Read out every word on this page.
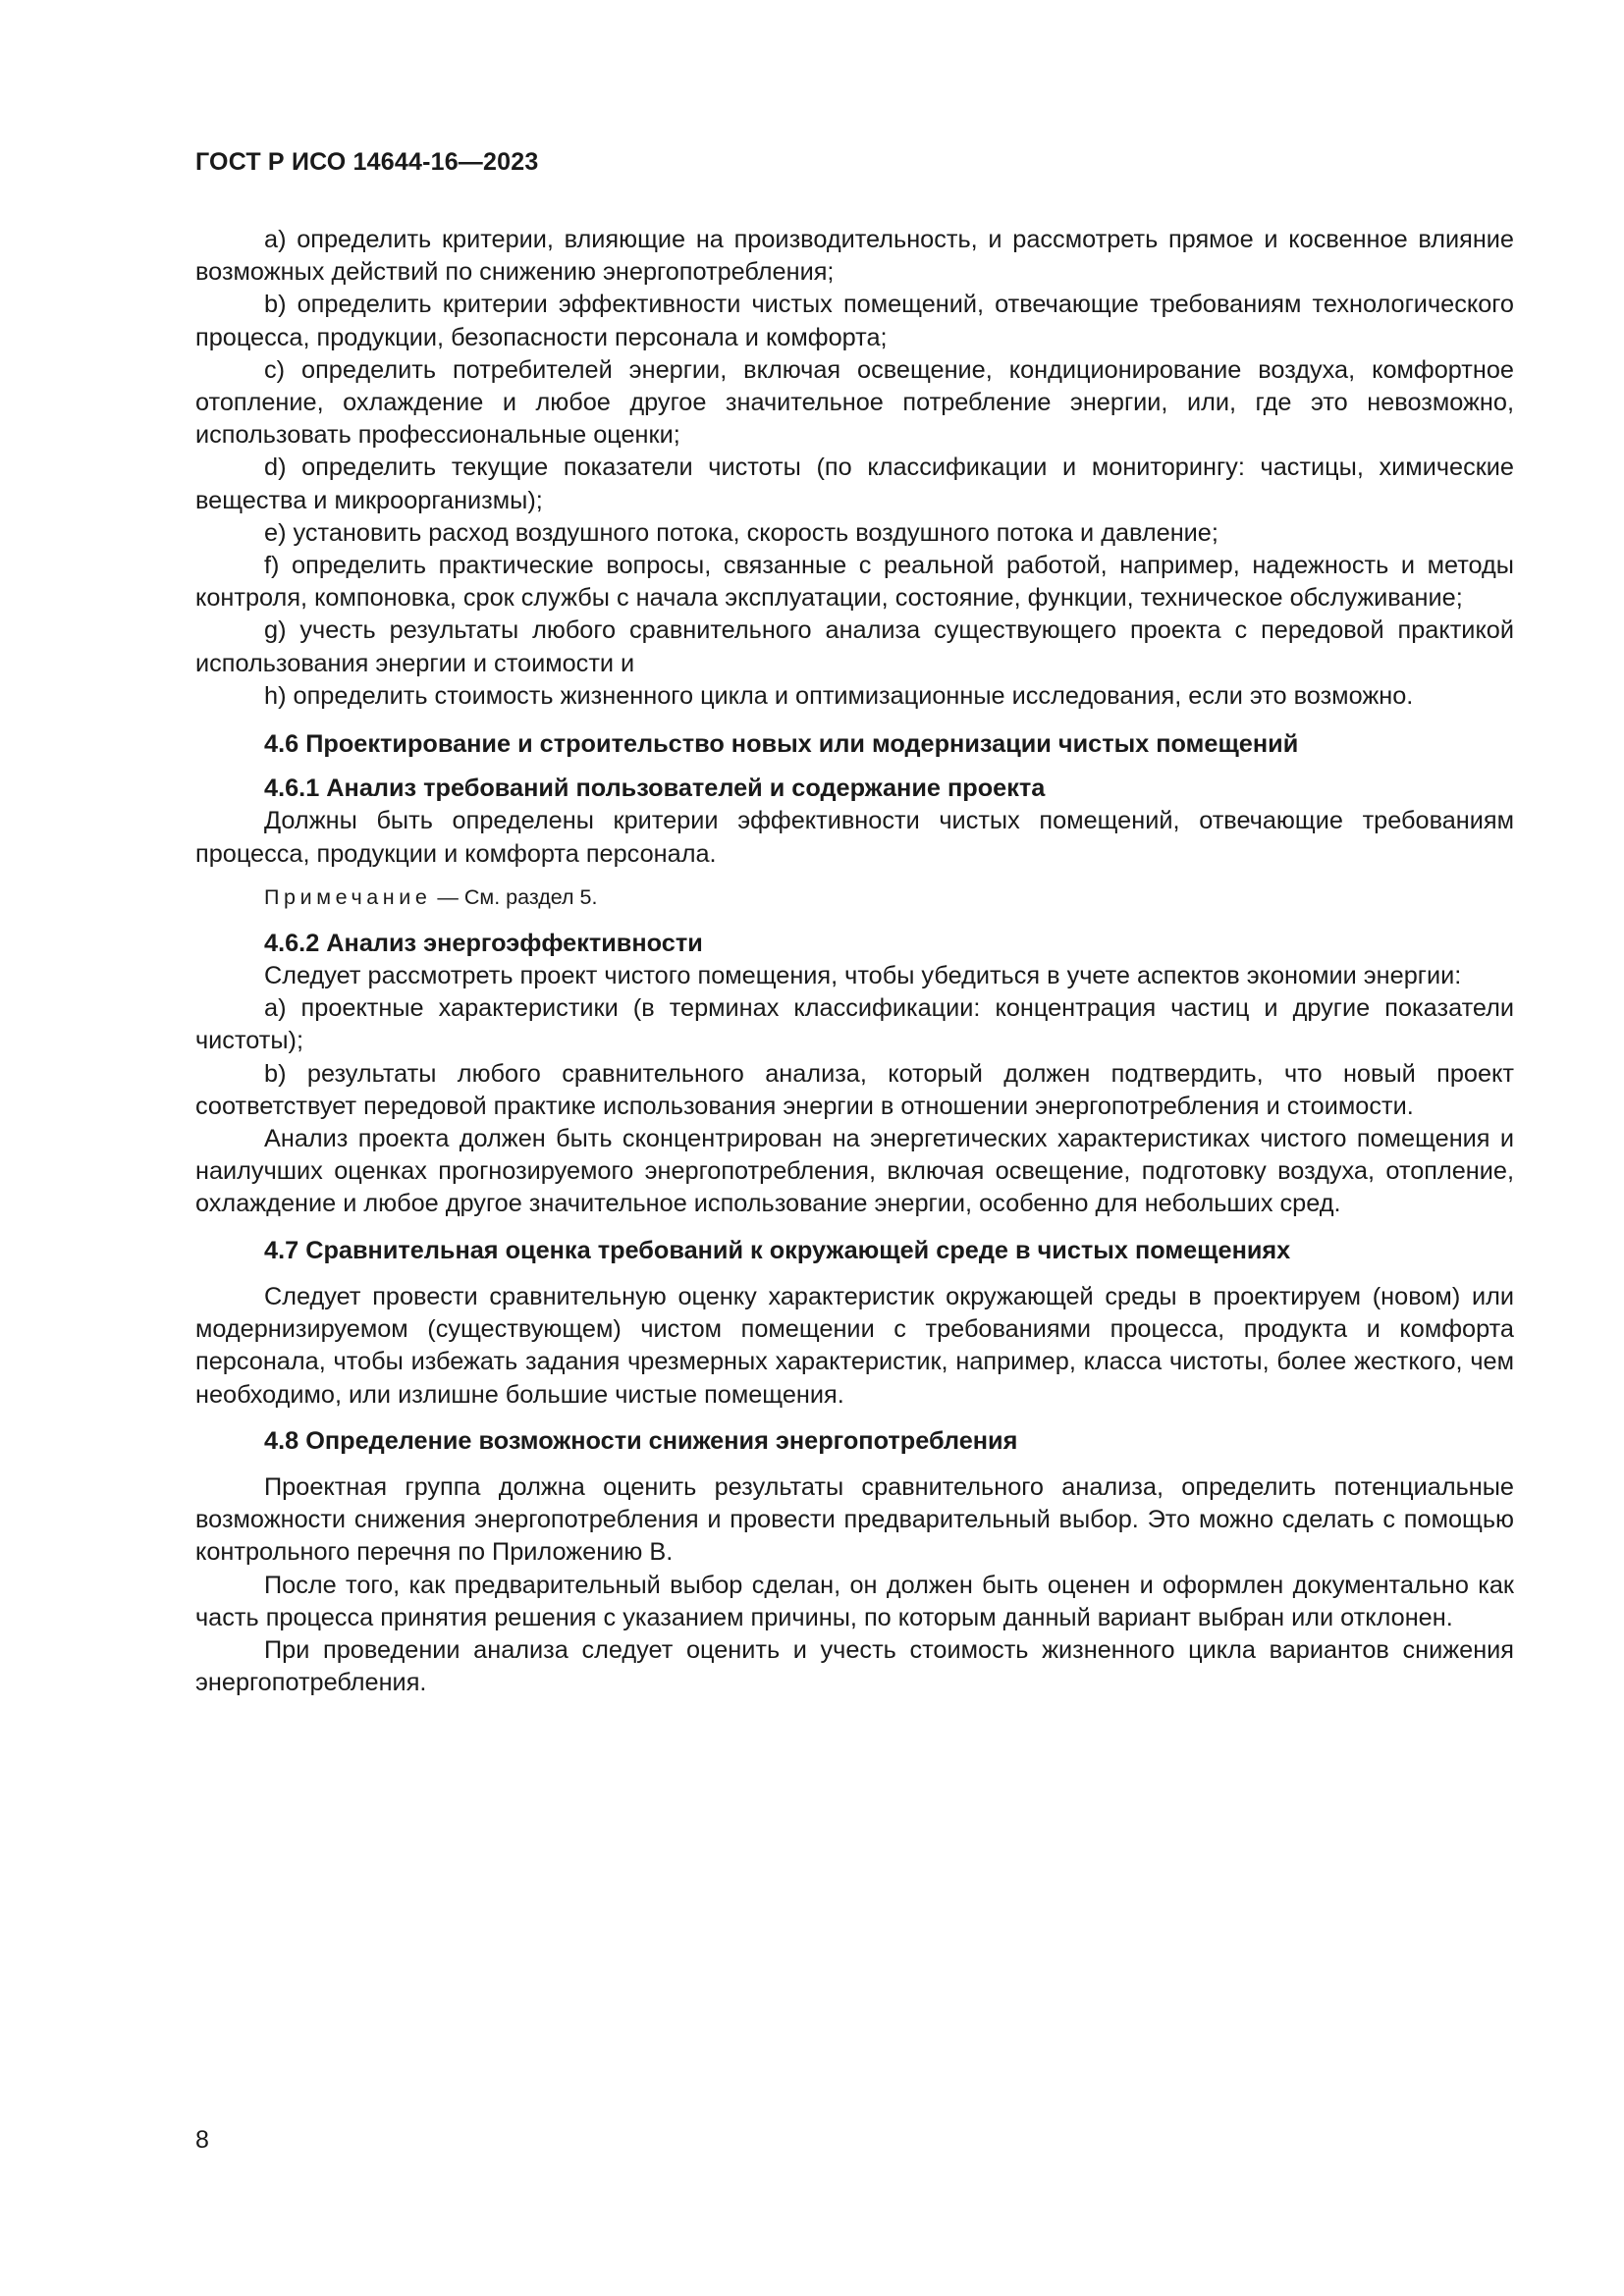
ГОСТ Р ИСО 14644-16—2023

a) определить критерии, влияющие на производительность, и рассмотреть прямое и косвенное влияние возможных действий по снижению энергопотребления;

b) определить критерии эффективности чистых помещений, отвечающие требованиям технологического процесса, продукции, безопасности персонала и комфорта;

c) определить потребителей энергии, включая освещение, кондиционирование воздуха, комфортное отопление, охлаждение и любое другое значительное потребление энергии, или, где это невозможно, использовать профессиональные оценки;

d) определить текущие показатели чистоты (по классификации и мониторингу: частицы, химические вещества и микроорганизмы);

e) установить расход воздушного потока, скорость воздушного потока и давление;

f) определить практические вопросы, связанные с реальной работой, например, надежность и методы контроля, компоновка, срок службы с начала эксплуатации, состояние, функции, техническое обслуживание;

g) учесть результаты любого сравнительного анализа существующего проекта с передовой практикой использования энергии и стоимости и

h) определить стоимость жизненного цикла и оптимизационные исследования, если это возможно.

4.6 Проектирование и строительство новых или модернизации чистых помещений

4.6.1 Анализ требований пользователей и содержание проекта

Должны быть определены критерии эффективности чистых помещений, отвечающие требованиям процесса, продукции и комфорта персонала.

Примечание — См. раздел 5.

4.6.2 Анализ энергоэффективности

Следует рассмотреть проект чистого помещения, чтобы убедиться в учете аспектов экономии энергии:

a) проектные характеристики (в терминах классификации: концентрация частиц и другие показатели чистоты);

b) результаты любого сравнительного анализа, который должен подтвердить, что новый проект соответствует передовой практике использования энергии в отношении энергопотребления и стоимости.

Анализ проекта должен быть сконцентрирован на энергетических характеристиках чистого помещения и наилучших оценках прогнозируемого энергопотребления, включая освещение, подготовку воздуха, отопление, охлаждение и любое другое значительное использование энергии, особенно для небольших сред.

4.7 Сравнительная оценка требований к окружающей среде в чистых помещениях

Следует провести сравнительную оценку характеристик окружающей среды в проектируем (новом) или модернизируемом (существующем) чистом помещении с требованиями процесса, продукта и комфорта персонала, чтобы избежать задания чрезмерных характеристик, например, класса чистоты, более жесткого, чем необходимо, или излишне большие чистые помещения.

4.8 Определение возможности снижения энергопотребления

Проектная группа должна оценить результаты сравнительного анализа, определить потенциальные возможности снижения энергопотребления и провести предварительный выбор. Это можно сделать с помощью контрольного перечня по Приложению В.

После того, как предварительный выбор сделан, он должен быть оценен и оформлен документально как часть процесса принятия решения с указанием причины, по которым данный вариант выбран или отклонен.

При проведении анализа следует оценить и учесть стоимость жизненного цикла вариантов снижения энергопотребления.

8
